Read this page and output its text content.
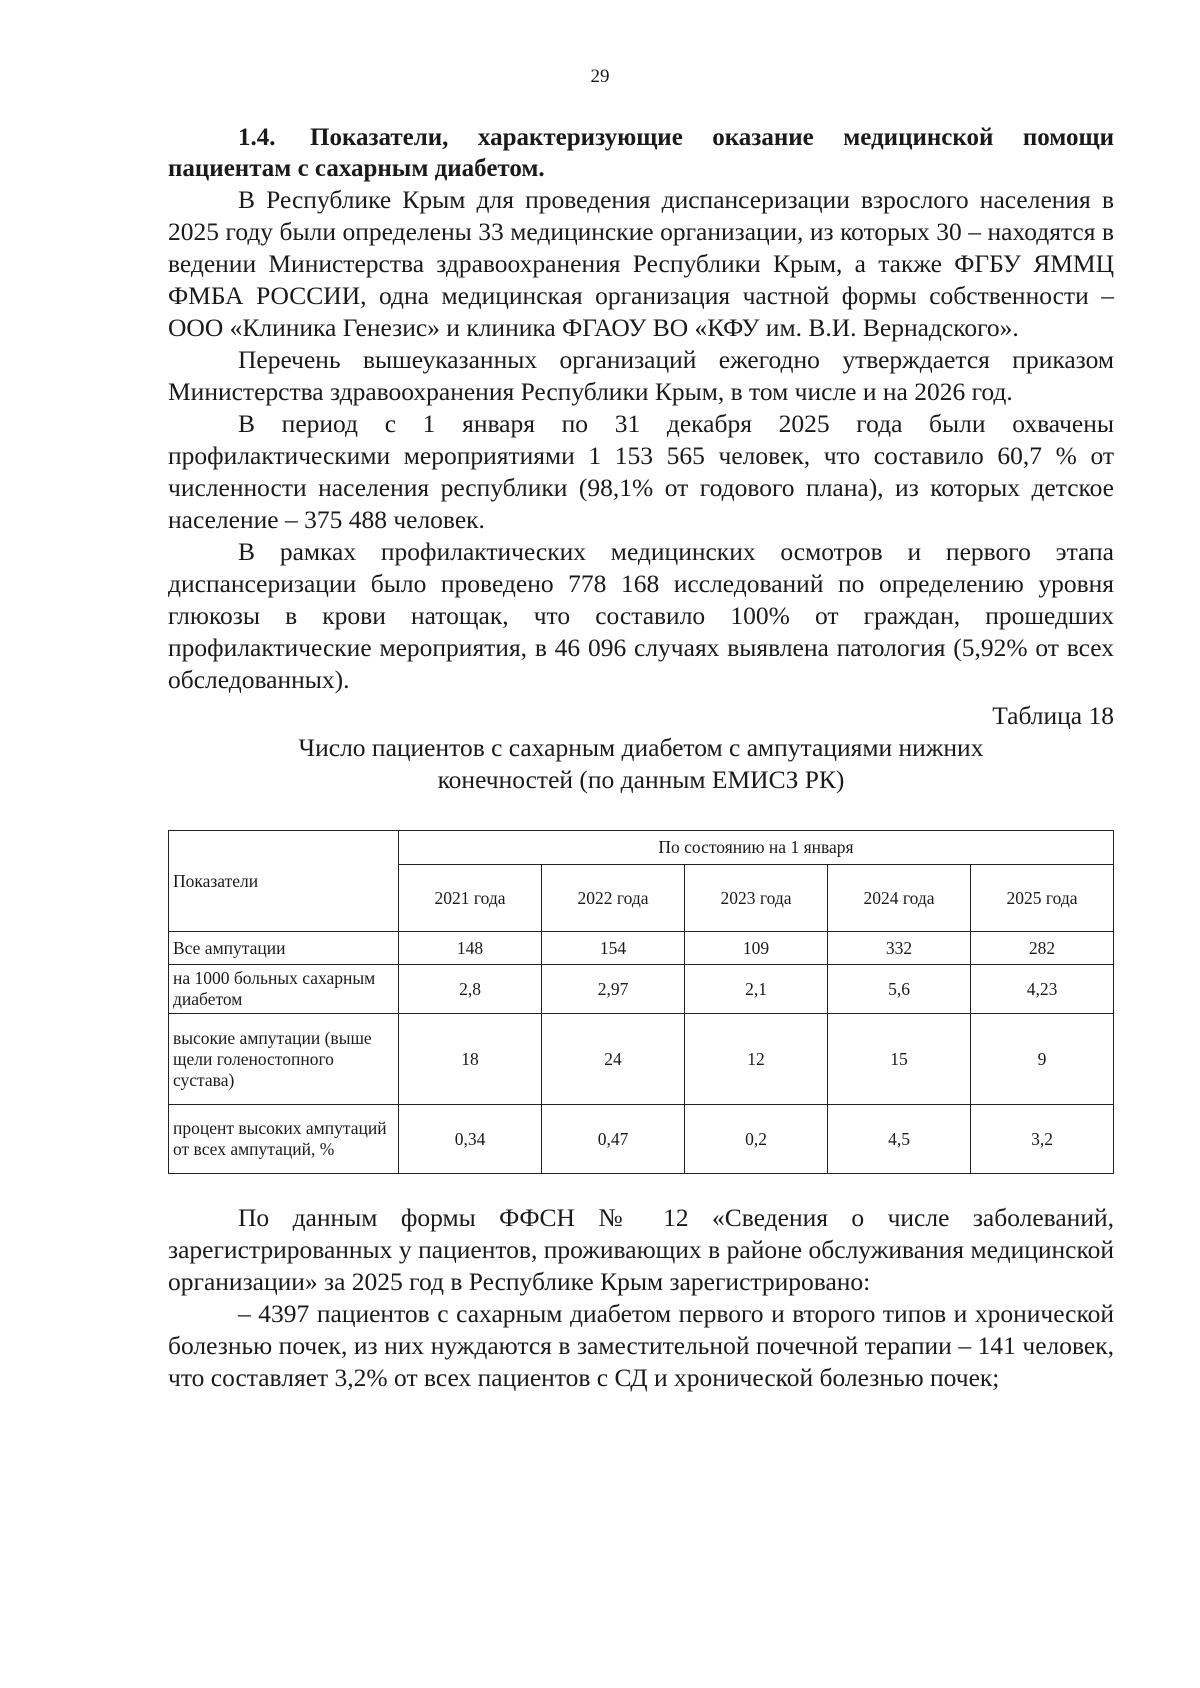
29

1.4. Показатели, характеризующие оказание медицинской помощи пациентам с сахарным диабетом.

В Республике Крым для проведения диспансеризации взрослого населения в 2025 году были определены 33 медицинские организации, из которых 30 – находятся в ведении Министерства здравоохранения Республики Крым, а также ФГБУ ЯММЦ ФМБА РОССИИ, одна медицинская организация частной формы собственности – ООО «Клиника Генезис» и клиника ФГАОУ ВО «КФУ им. В.И. Вернадского».

Перечень вышеуказанных организаций ежегодно утверждается приказом Министерства здравоохранения Республики Крым, в том числе и на 2026 год.

В период с 1 января по 31 декабря 2025 года были охвачены профилактическими мероприятиями 1 153 565 человек, что составило 60,7 % от численности населения республики (98,1% от годового плана), из которых детское население – 375 488 человек.

В рамках профилактических медицинских осмотров и первого этапа диспансеризации было проведено 778 168 исследований по определению уровня глюкозы в крови натощак, что составило 100% от граждан, прошедших профилактические мероприятия, в 46 096 случаях выявлена патология (5,92% от всех обследованных).

Таблица 18

Число пациентов с сахарным диабетом с ампутациями нижних

конечностей (по данным ЕМИСЗ РК)

Показатели	По состоянию на 1 января				
	2021 года	2022 года	2023 года	2024 года	2025 года
Все ампутации	148	154	109	332	282
на 1000 больных сахарным диабетом	2,8	2,97	2,1	5,6	4,23
высокие ампутации (выше щели голеностопного сустава)	18	24	12	15	9
процент высоких ампутаций от всех ампутаций, %	0,34	0,47	0,2	4,5	3,2

По данным формы ФФСН № 12 «Сведения о числе заболеваний, зарегистрированных у пациентов, проживающих в районе обслуживания медицинской организации» за 2025 год в Республике Крым зарегистрировано:

– 4397 пациентов с сахарным диабетом первого и второго типов и хронической болезнью почек, из них нуждаются в заместительной почечной терапии – 141 человек, что составляет 3,2% от всех пациентов с СД и хронической болезнью почек;
